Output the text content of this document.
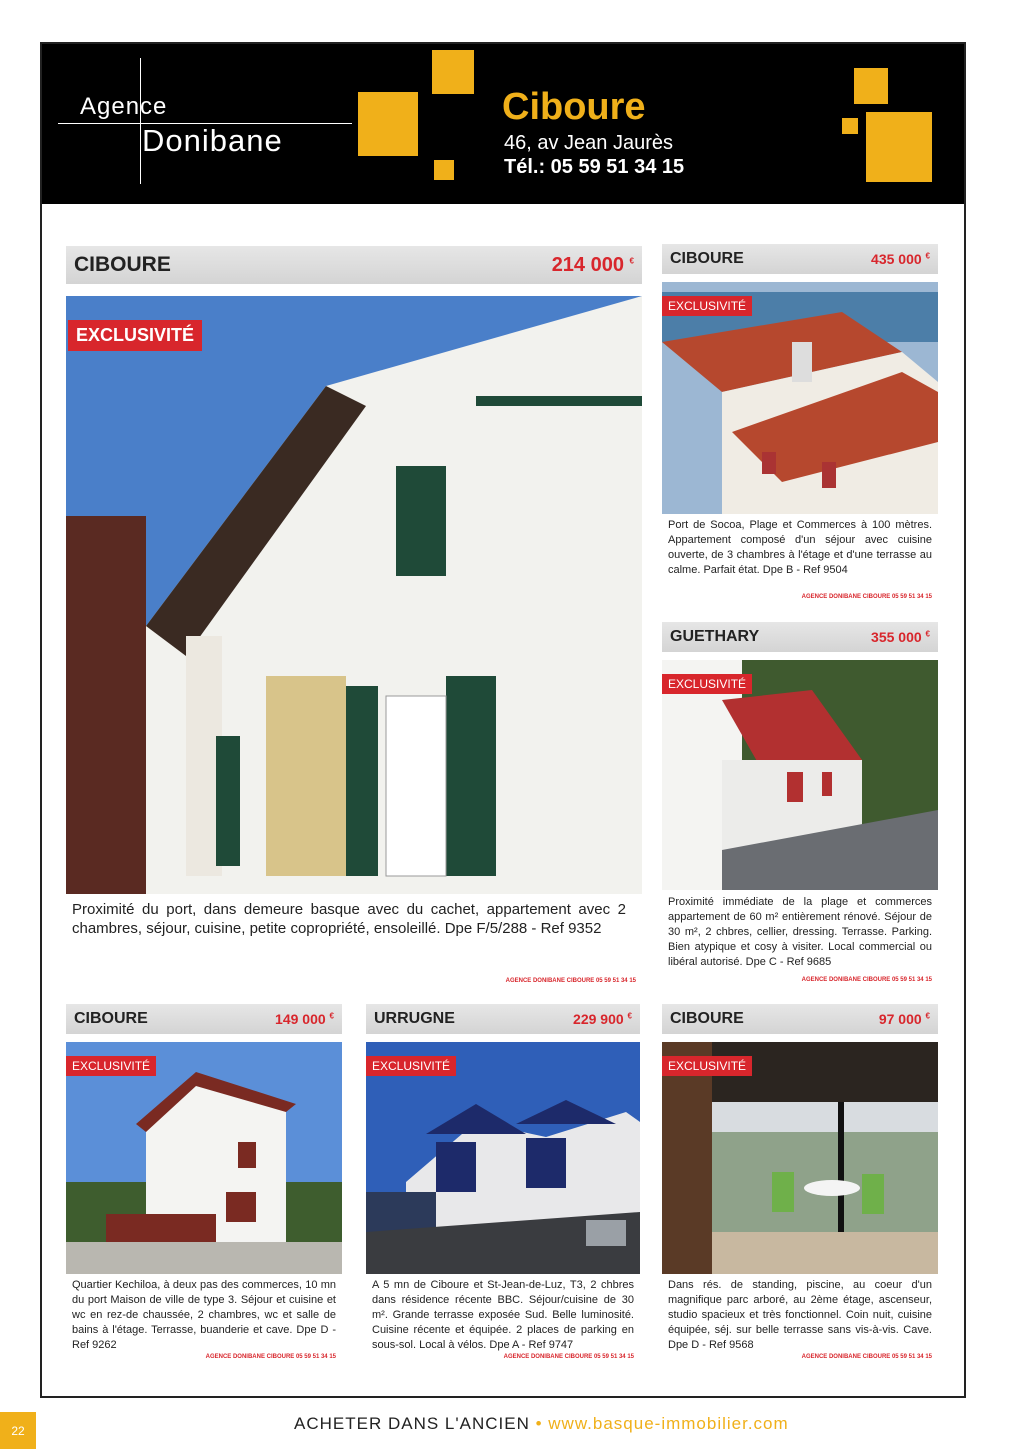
Agence
Donibane
Ciboure
46, av Jean Jaurès
Tél.: 05 59 51 34 15
CIBOURE	214 000 €
EXCLUSIVITÉ
Proximité du port, dans demeure basque avec du cachet, appartement avec 2 chambres, séjour, cuisine, petite copropriété, ensoleillé. Dpe F/5/288 - Ref 9352
AGENCE DONIBANE CIBOURE 05 59 51 34 15
CIBOURE	435 000 €
EXCLUSIVITÉ
Port de Socoa, Plage et Commerces à 100 mètres. Appartement composé d'un séjour avec cuisine ouverte, de 3 chambres à l'étage et d'une terrasse au calme. Parfait état. Dpe B - Ref 9504
AGENCE DONIBANE CIBOURE 05 59 51 34 15
GUETHARY	355 000 €
EXCLUSIVITÉ
Proximité immédiate de la plage et commerces appartement de 60 m² entièrement rénové. Séjour de 30 m², 2 chbres, cellier, dressing. Terrasse. Parking. Bien atypique et cosy à visiter. Local commercial ou libéral autorisé. Dpe C - Ref 9685
AGENCE DONIBANE CIBOURE 05 59 51 34 15
CIBOURE	149 000 €
EXCLUSIVITÉ
Quartier Kechiloa, à deux pas des commerces, 10 mn du port Maison de ville de type 3. Séjour et cuisine et wc en rez-de chaussée, 2 chambres, wc et salle de bains à l'étage. Terrasse, buanderie et cave. Dpe D - Ref 9262
AGENCE DONIBANE CIBOURE 05 59 51 34 15
URRUGNE	229 900 €
EXCLUSIVITÉ
A 5 mn de Ciboure et St-Jean-de-Luz, T3, 2 chbres dans résidence récente BBC. Séjour/cuisine de 30 m². Grande terrasse exposée Sud. Belle luminosité. Cuisine récente et équipée. 2 places de parking en sous-sol. Local à vélos. Dpe A - Ref 9747
AGENCE DONIBANE CIBOURE 05 59 51 34 15
CIBOURE	97 000 €
EXCLUSIVITÉ
Dans rés. de standing, piscine, au coeur d'un magnifique parc arboré, au 2ème étage, ascenseur, studio spacieux et très fonctionnel. Coin nuit, cuisine équipée, séj. sur belle terrasse sans vis-à-vis. Cave. Dpe D - Ref 9568
AGENCE DONIBANE CIBOURE 05 59 51 34 15
22	ACHETER DANS L'ANCIEN • www.basque-immobilier.com
